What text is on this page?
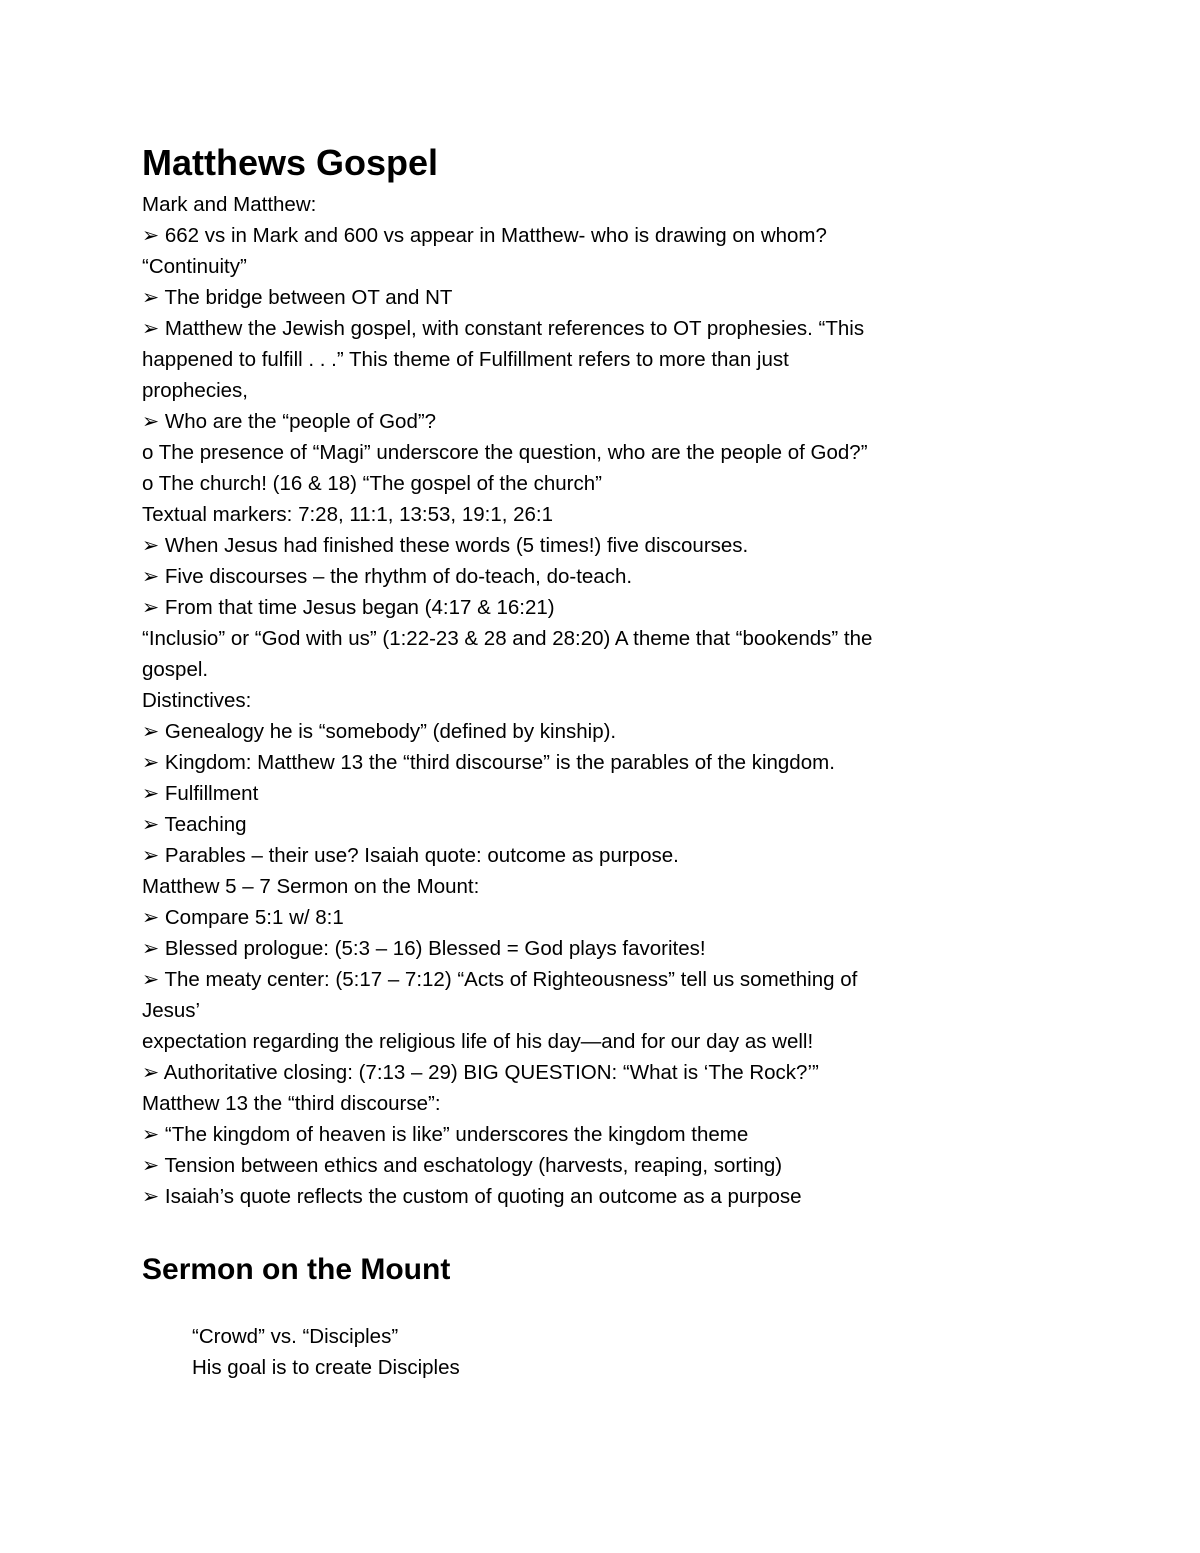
Matthews Gospel
Mark and Matthew:
➢ 662 vs in Mark and 600 vs appear in Matthew- who is drawing on whom?
“Continuity”
➢ The bridge between OT and NT
➢ Matthew the Jewish gospel, with constant references to OT prophesies. “This
happened to fulfill . . .” This theme of Fulfillment refers to more than just
prophecies,
➢ Who are the “people of God”?
o The presence of “Magi” underscore the question, who are the people of God?”
o The church! (16 & 18) “The gospel of the church”
Textual markers: 7:28, 11:1, 13:53, 19:1, 26:1
➢ When Jesus had finished these words (5 times!) five discourses.
➢ Five discourses – the rhythm of do-teach, do-teach.
➢ From that time Jesus began (4:17 & 16:21)
“Inclusio” or “God with us” (1:22-23 & 28 and 28:20) A theme that “bookends” the
gospel.
Distinctives:
➢ Genealogy he is “somebody” (defined by kinship).
➢ Kingdom: Matthew 13 the “third discourse” is the parables of the kingdom.
➢ Fulfillment
➢ Teaching
➢ Parables – their use? Isaiah quote: outcome as purpose.
Matthew 5 – 7 Sermon on the Mount:
➢ Compare 5:1 w/ 8:1
➢ Blessed prologue: (5:3 – 16) Blessed = God plays favorites!
➢ The meaty center: (5:17 – 7:12) “Acts of Righteousness” tell us something of
Jesus’
expectation regarding the religious life of his day—and for our day as well!
➢ Authoritative closing: (7:13 – 29) BIG QUESTION: “What is ‘The Rock?’”
Matthew 13 the “third discourse”:
➢ “The kingdom of heaven is like” underscores the kingdom theme
➢ Tension between ethics and eschatology (harvests, reaping, sorting)
➢ Isaiah’s quote reflects the custom of quoting an outcome as a purpose
Sermon on the Mount
“Crowd” vs. “Disciples”
His goal is to create Disciples
